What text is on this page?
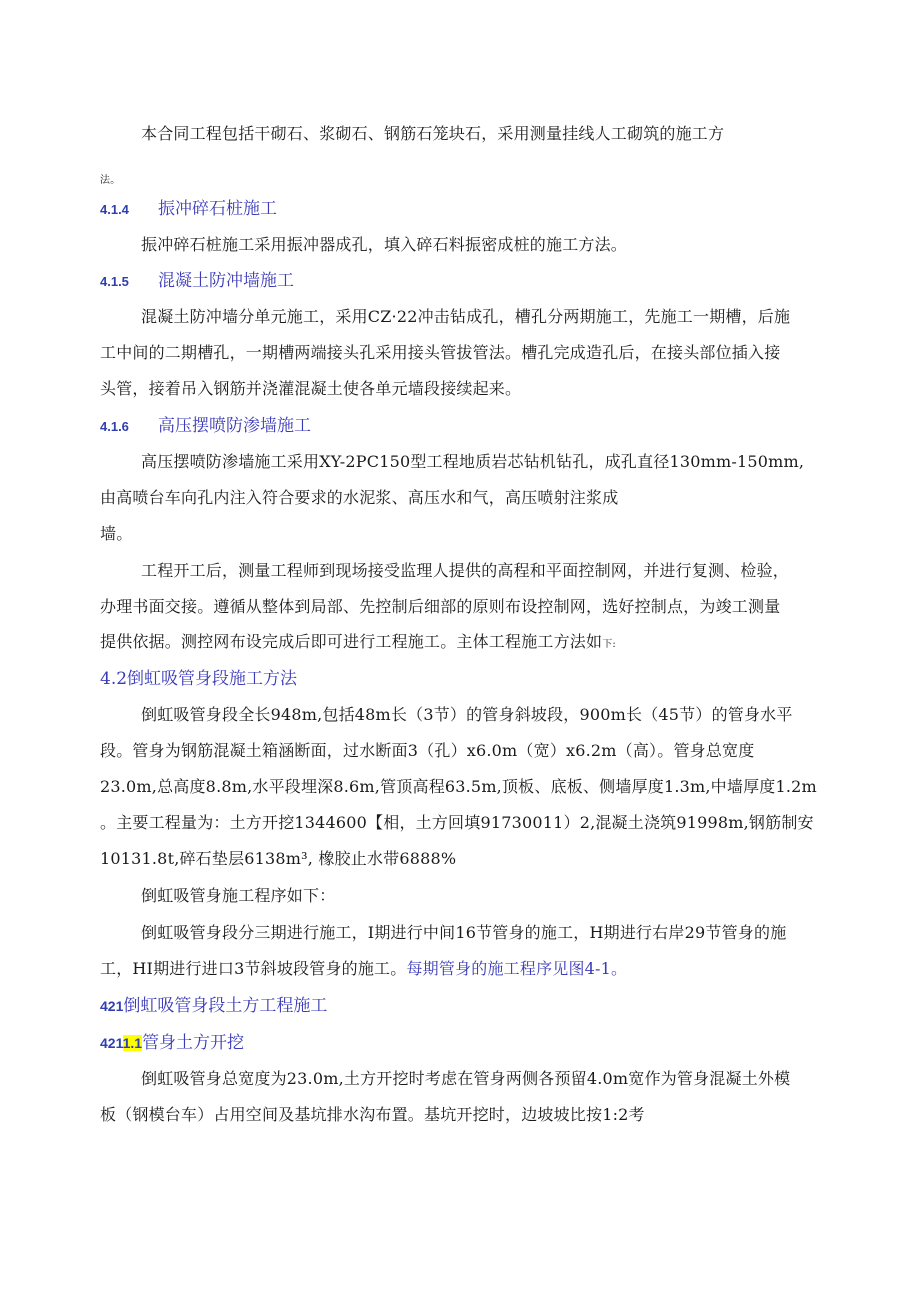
本合同工程包括干砌石、浆砌石、钢筋石笼块石，采用测量挂线人工砌筑的施工方
法。
4.1.4 振冲碎石桩施工
振冲碎石桩施工采用振冲器成孔，填入碎石料振密成桩的施工方法。
4.1.5 混凝土防冲墙施工
混凝土防冲墙分单元施工，采用CZ·22冲击钻成孔，槽孔分两期施工，先施工一期槽，后施
工中间的二期槽孔，一期槽两端接头孔采用接头管拔管法。槽孔完成造孔后，在接头部位插入接
头管，接着吊入钢筋并浇灌混凝土使各单元墙段接续起来。
4.1.6 高压摆喷防渗墙施工
高压摆喷防渗墙施工采用XY-2PC150型工程地质岩芯钻机钻孔，成孔直径130mm-150mm,
由高喷台车向孔内注入符合要求的水泥浆、高压水和气，高压喷射注浆成
墙。
工程开工后，测量工程师到现场接受监理人提供的高程和平面控制网，并进行复测、检验，
办理书面交接。遵循从整体到局部、先控制后细部的原则布设控制网，选好控制点，为竣工测量
提供依据。测控网布设完成后即可进行工程施工。主体工程施工方法如下:
4.2倒虹吸管身段施工方法
倒虹吸管身段全长948m,包括48m长（3节）的管身斜坡段，900m长（45节）的管身水平
段。管身为钢筋混凝土箱涵断面，过水断面3（孔）x6.0m（宽）x6.2m（高）。管身总宽度
23.0m,总高度8.8m,水平段埋深8.6m,管顶高程63.5m,顶板、底板、侧墙厚度1.3m,中墙厚度1.2m
。主要工程量为：土方开挖1344600【相，土方回填91730011）2,混凝土浇筑91998m,钢筋制安
10131.8t,碎石垫层6138m³, 橡胶止水带6888%
倒虹吸管身施工程序如下：
倒虹吸管身段分三期进行施工，I期进行中间16节管身的施工，H期进行右岸29节管身的施
工，HI期进行进口3节斜坡段管身的施工。每期管身的施工程序见图4-1。
421倒虹吸管身段土方工程施工
4211.1管身土方开挖
倒虹吸管身总宽度为23.0m,土方开挖时考虑在管身两侧各预留4.0m宽作为管身混凝土外模
板（钢模台车）占用空间及基坑排水沟布置。基坑开挖时，边坡坡比按1:2考
